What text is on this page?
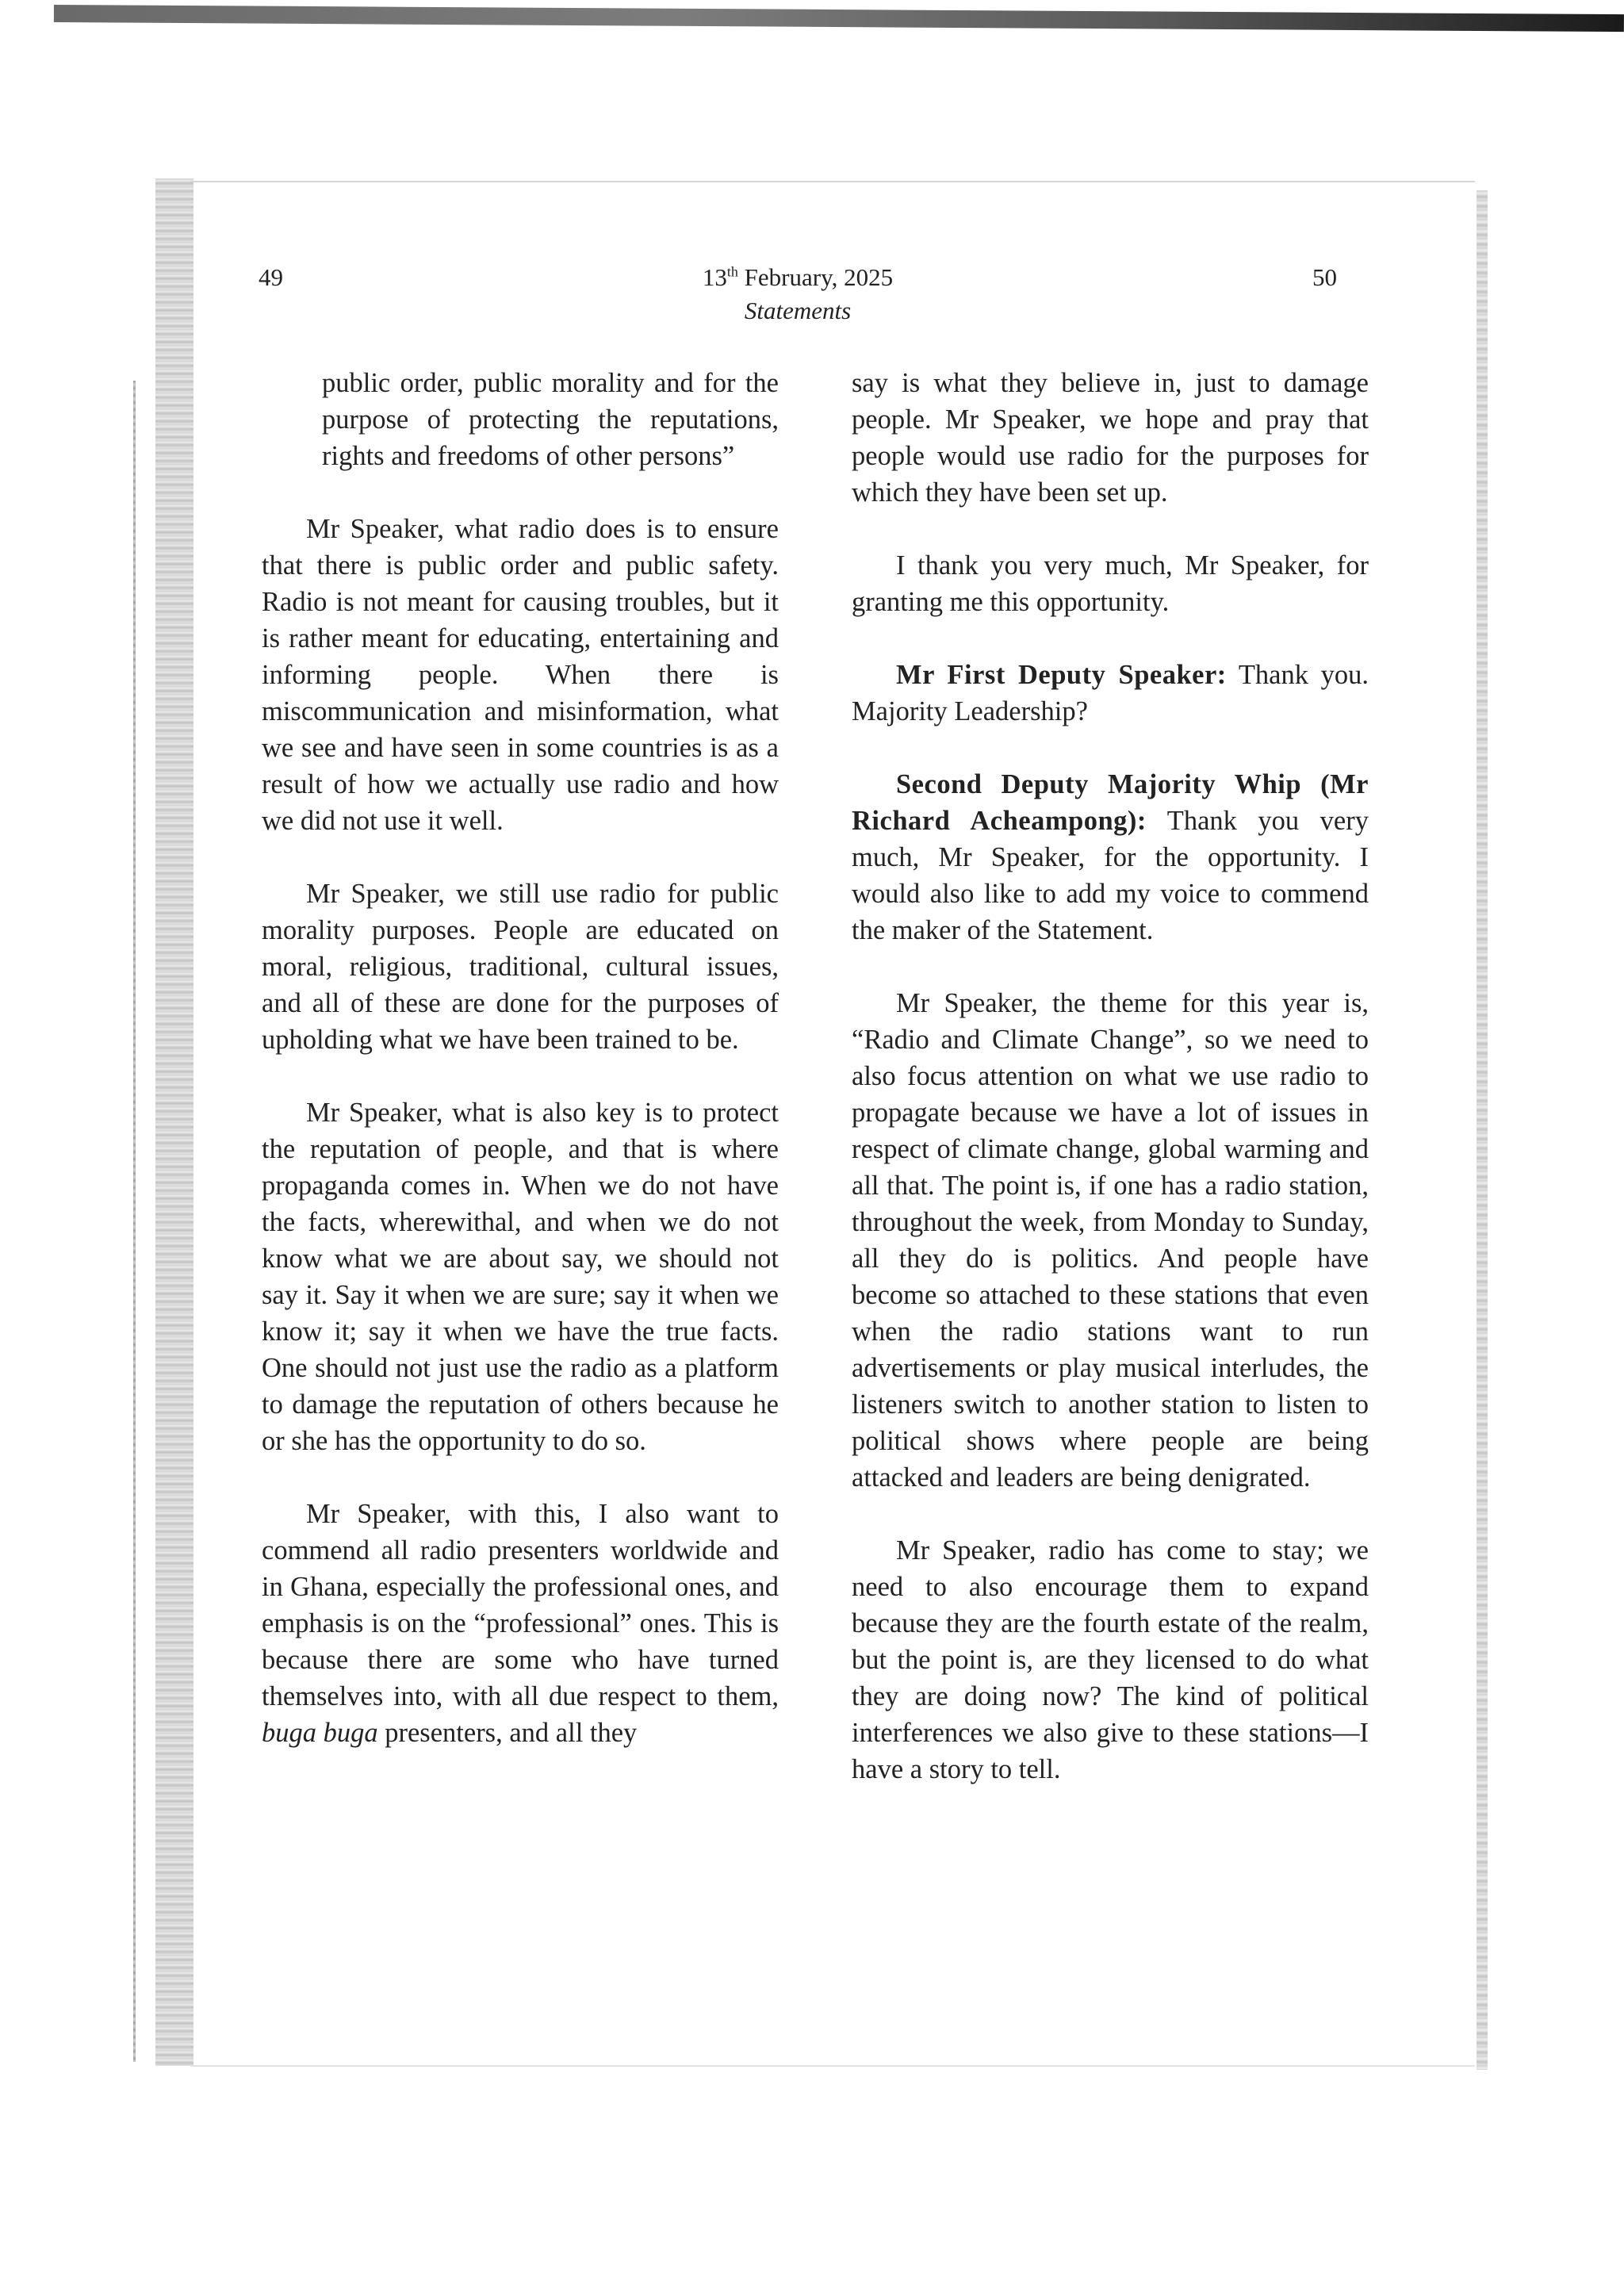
49	13th February, 2025
Statements
50

public order, public morality and for the purpose of protecting the reputations, rights and freedoms of other persons”

Mr Speaker, what radio does is to ensure that there is public order and public safety. Radio is not meant for causing troubles, but it is rather meant for educating, entertaining and informing people. When there is miscommunication and misinformation, what we see and have seen in some countries is as a result of how we actually use radio and how we did not use it well.

Mr Speaker, we still use radio for public morality purposes. People are educated on moral, religious, traditional, cultural issues, and all of these are done for the purposes of upholding what we have been trained to be.

Mr Speaker, what is also key is to protect the reputation of people, and that is where propaganda comes in. When we do not have the facts, wherewithal, and when we do not know what we are about say, we should not say it. Say it when we are sure; say it when we know it; say it when we have the true facts. One should not just use the radio as a platform to damage the reputation of others because he or she has the opportunity to do so.

Mr Speaker, with this, I also want to commend all radio presenters worldwide and in Ghana, especially the professional ones, and emphasis is on the “professional” ones. This is because there are some who have turned themselves into, with all due respect to them, buga buga presenters, and all they

say is what they believe in, just to damage people. Mr Speaker, we hope and pray that people would use radio for the purposes for which they have been set up.

I thank you very much, Mr Speaker, for granting me this opportunity.

Mr First Deputy Speaker: Thank you. Majority Leadership?

Second Deputy Majority Whip (Mr Richard Acheampong): Thank you very much, Mr Speaker, for the opportunity. I would also like to add my voice to commend the maker of the Statement.

Mr Speaker, the theme for this year is, “Radio and Climate Change”, so we need to also focus attention on what we use radio to propagate because we have a lot of issues in respect of climate change, global warming and all that. The point is, if one has a radio station, throughout the week, from Monday to Sunday, all they do is politics. And people have become so attached to these stations that even when the radio stations want to run advertisements or play musical interludes, the listeners switch to another station to listen to political shows where people are being attacked and leaders are being denigrated.

Mr Speaker, radio has come to stay; we need to also encourage them to expand because they are the fourth estate of the realm, but the point is, are they licensed to do what they are doing now? The kind of political interferences we also give to these stations—I have a story to tell.
